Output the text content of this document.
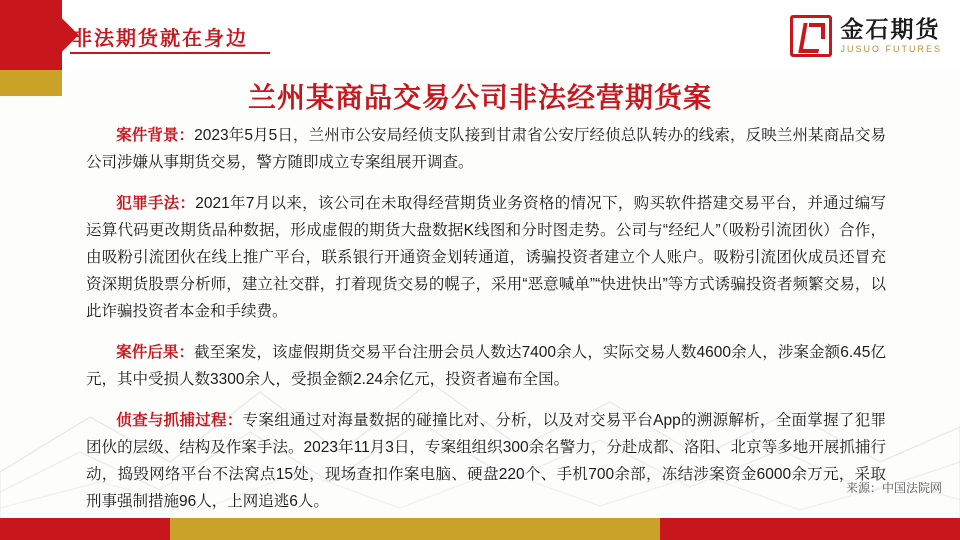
非法期货就在身边	金石期货
JUSUO FUTURES
兰州某商品交易公司非法经营期货案

案件背景：2023年5月5日，兰州市公安局经侦支队接到甘肃省公安厅经侦总队转办的线索，反映兰州某商品交易公司涉嫌从事期货交易，警方随即成立专案组展开调查。

犯罪手法：2021年7月以来，该公司在未取得经营期货业务资格的情况下，购买软件搭建交易平台，并通过编写运算代码更改期货品种数据，形成虚假的期货大盘数据K线图和分时图走势。公司与“经纪人”（吸粉引流团伙）合作，由吸粉引流团伙在线上推广平台，联系银行开通资金划转通道，诱骗投资者建立个人账户。吸粉引流团伙成员还冒充资深期货股票分析师，建立社交群，打着现货交易的幌子，采用“恶意喊单”“快进快出”等方式诱骗投资者频繁交易，以此诈骗投资者本金和手续费。

案件后果：截至案发，该虚假期货交易平台注册会员人数达7400余人，实际交易人数4600余人，涉案金额6.45亿元，其中受损人数3300余人，受损金额2.24余亿元，投资者遍布全国。

侦查与抓捕过程：专案组通过对海量数据的碰撞比对、分析，以及对交易平台App的溯源解析，全面掌握了犯罪团伙的层级、结构及作案手法。2023年11月3日，专案组组织300余名警力，分赴成都、洛阳、北京等多地开展抓捕行动，捣毁网络平台不法窝点15处，现场查扣作案电脑、硬盘220个、手机700余部，冻结涉案资金6000余万元，采取刑事强制措施96人，上网追逃6人。

来源：中国法院网
